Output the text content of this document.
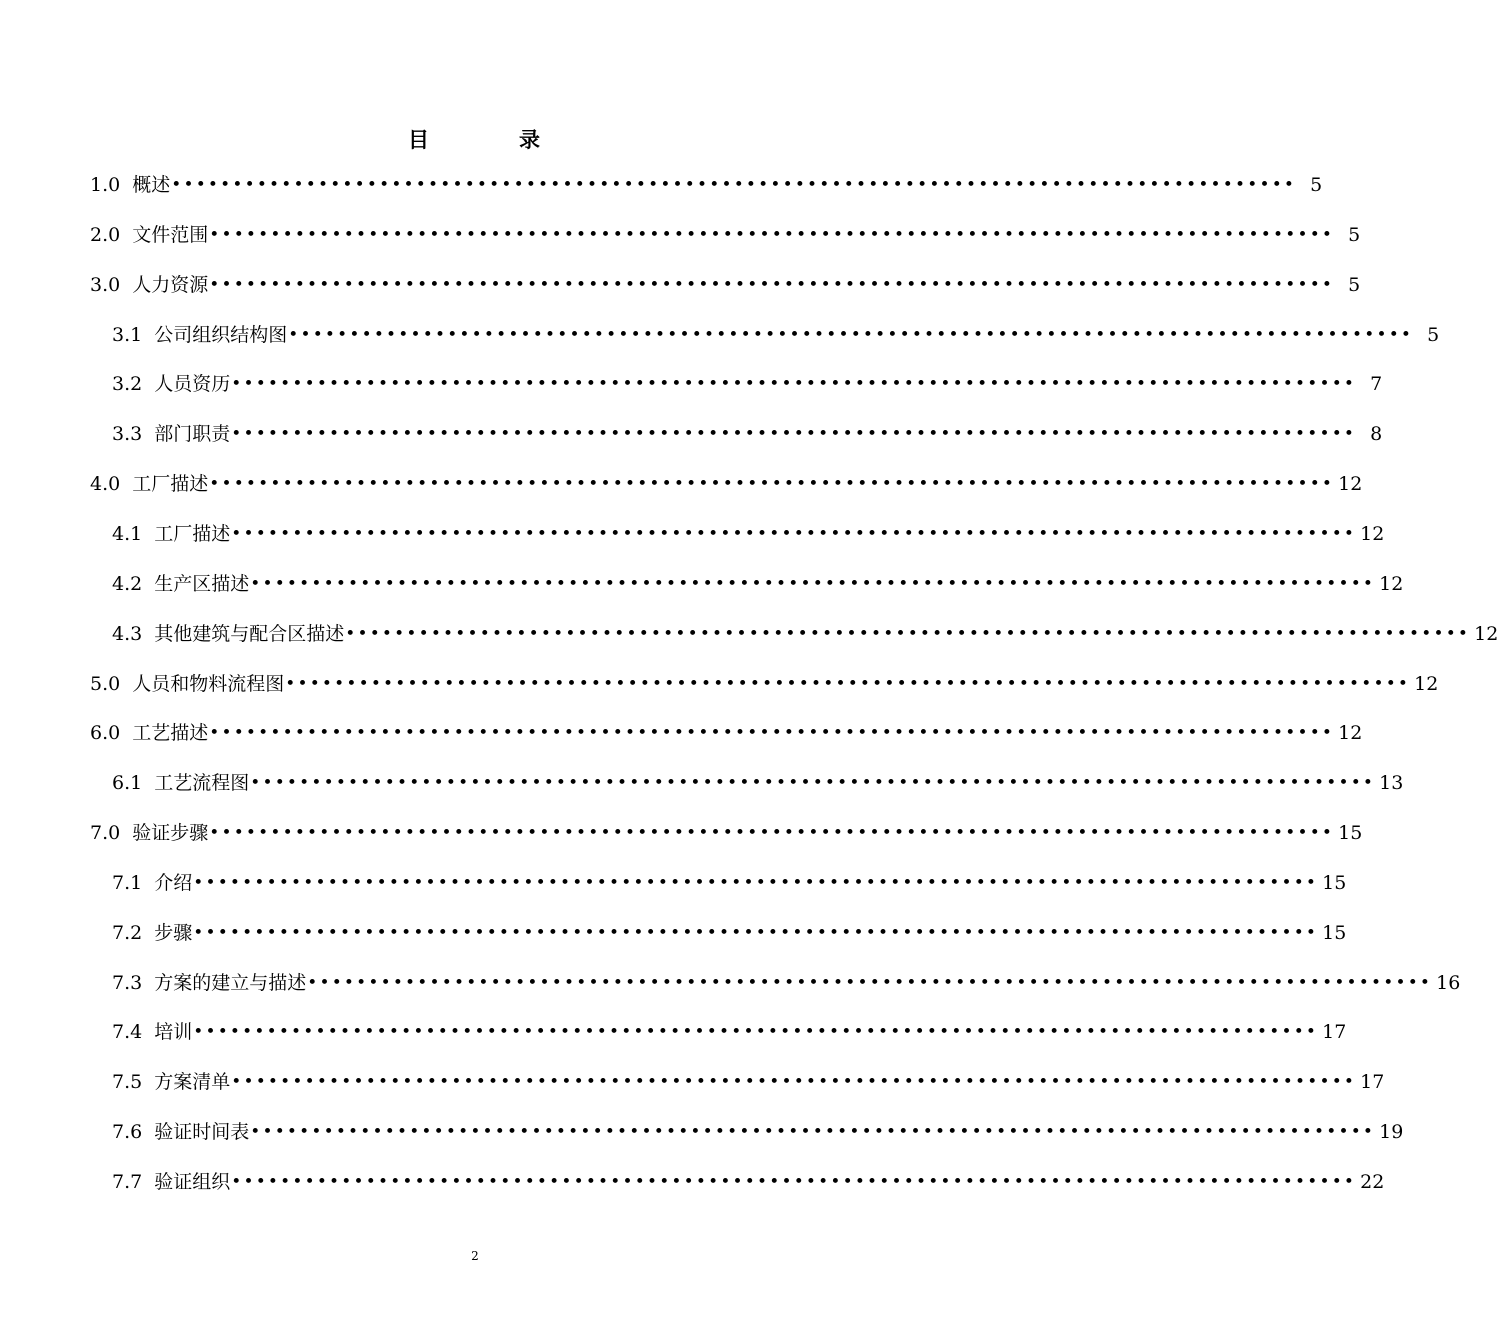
目	录
1.0 概述 •••••••••••••••••••••••••••••••••••••••••••••••••••••••••••••••••••••••••••••••••••••••••••• 5
2.0 文件范围 •••••••••••••••••••••••••••••••••••••••••••••••••••••••••••••••••••••••••••••••••••••••••••• 5
3.0 人力资源 •••••••••••••••••••••••••••••••••••••••••••••••••••••••••••••••••••••••••••••••••••••••••••• 5
3.1 公司组织结构图 •••••••••••••••••••••••••••••••••••••••••••••••••••••••••••••••••••••••••••••••••••••••••••• 5
3.2 人员资历 •••••••••••••••••••••••••••••••••••••••••••••••••••••••••••••••••••••••••••••••••••••••••••• 7
3.3 部门职责 •••••••••••••••••••••••••••••••••••••••••••••••••••••••••••••••••••••••••••••••••••••••••••• 8
4.0 工厂描述 •••••••••••••••••••••••••••••••••••••••••••••••••••••••••••••••••••••••••••••••••••••••••••• 12
4.1 工厂描述 •••••••••••••••••••••••••••••••••••••••••••••••••••••••••••••••••••••••••••••••••••••••••••• 12
4.2 生产区描述 •••••••••••••••••••••••••••••••••••••••••••••••••••••••••••••••••••••••••••••••••••••••••••• 12
4.3 其他建筑与配合区描述 •••••••••••••••••••••••••••••••••••••••••••••••••••••••••••••••••••••••••••••••••••••••••••• 12
5.0 人员和物料流程图 •••••••••••••••••••••••••••••••••••••••••••••••••••••••••••••••••••••••••••••••••••••••••••• 12
6.0 工艺描述 •••••••••••••••••••••••••••••••••••••••••••••••••••••••••••••••••••••••••••••••••••••••••••• 12
6.1 工艺流程图 •••••••••••••••••••••••••••••••••••••••••••••••••••••••••••••••••••••••••••••••••••••••••••• 13
7.0 验证步骤 •••••••••••••••••••••••••••••••••••••••••••••••••••••••••••••••••••••••••••••••••••••••••••• 15
7.1 介绍 •••••••••••••••••••••••••••••••••••••••••••••••••••••••••••••••••••••••••••••••••••••••••••• 15
7.2 步骤 •••••••••••••••••••••••••••••••••••••••••••••••••••••••••••••••••••••••••••••••••••••••••••• 15
7.3 方案的建立与描述 •••••••••••••••••••••••••••••••••••••••••••••••••••••••••••••••••••••••••••••••••••••••••••• 16
7.4 培训 •••••••••••••••••••••••••••••••••••••••••••••••••••••••••••••••••••••••••••••••••••••••••••• 17
7.5 方案清单 •••••••••••••••••••••••••••••••••••••••••••••••••••••••••••••••••••••••••••••••••••••••••••• 17
7.6 验证时间表 •••••••••••••••••••••••••••••••••••••••••••••••••••••••••••••••••••••••••••••••••••••••••••• 19
7.7 验证组织 •••••••••••••••••••••••••••••••••••••••••••••••••••••••••••••••••••••••••••••••••••••••••••• 22
2
